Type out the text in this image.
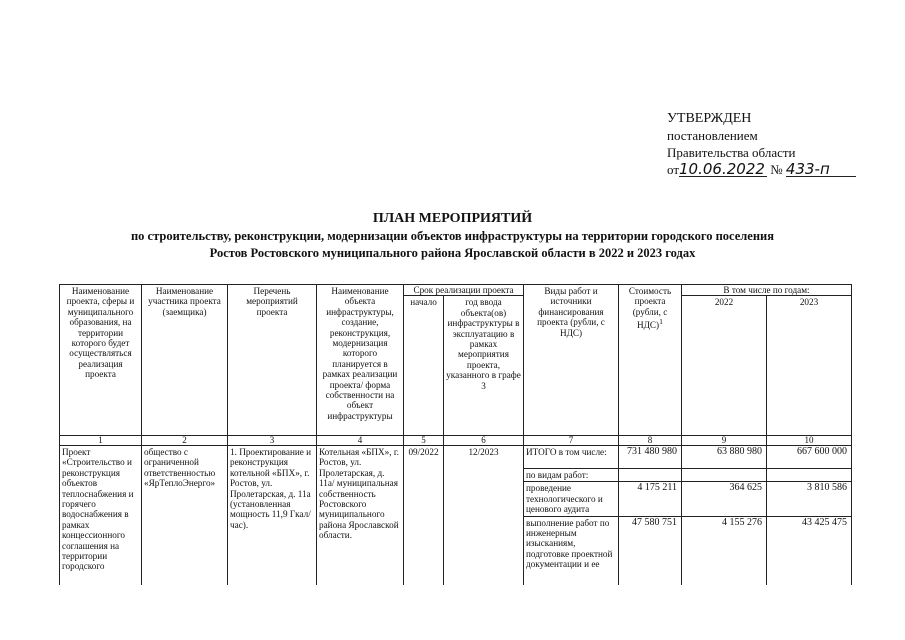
УТВЕРЖДЕН
постановлением
Правительства области
от10.06.2022 № 433-п
ПЛАН МЕРОПРИЯТИЙ
по строительству, реконструкции, модернизации объектов инфраструктуры на территории городского поселения
Ростов Ростовского муниципального района Ярославской области в 2022 и 2023 годах
Наименование проекта, сферы и муниципального образования, на территории которого будет осуществляться реализация проекта	Наименование участника проекта (заемщика)	Перечень мероприятий проекта	Наименование объекта инфраструктуры, создание, реконструкция, модернизация которого планируется в рамках реализации проекта/ форма собственности на объект инфраструктуры	Срок реализации проекта		Виды работ и источники финансирования проекта (рубли, с НДС)	Стоимость проекта (рубли, с НДС)$^1$	В том числе по годам:	
				начало	год ввода объекта(ов) инфраструктуры в эксплуатацию в рамках мероприятия проекта, указанного в графе 3			2022	2023
1	2	3	4	5	6	7	8	9	10
Проект «Строительство и реконструкция объектов теплоснабжения и горячего водоснабжения в рамках концессионного соглашения на территории городского	общество с ограниченной ответственностью «ЯрТеплоЭнерго»	1. Проектирование и реконструкция котельной «БПХ», г. Ростов, ул. Пролетарская, д. 11а (установленная мощность 11,9 Гкал/час).	Котельная «БПХ», г. Ростов, ул. Пролетарская, д. 11а/ муниципальная собственность Ростовского муниципального района Ярославской области.	09/2022	12/2023	ИТОГО в том числе:	731 480 980	63 880 980	667 600 000
						по видам работ:			
						проведение технологического и ценового аудита	4 175 211	364 625	3 810 586
						выполнение работ по инженерным изысканиям, подготовке проектной документации и ее	47 580 751	4 155 276	43 425 475
